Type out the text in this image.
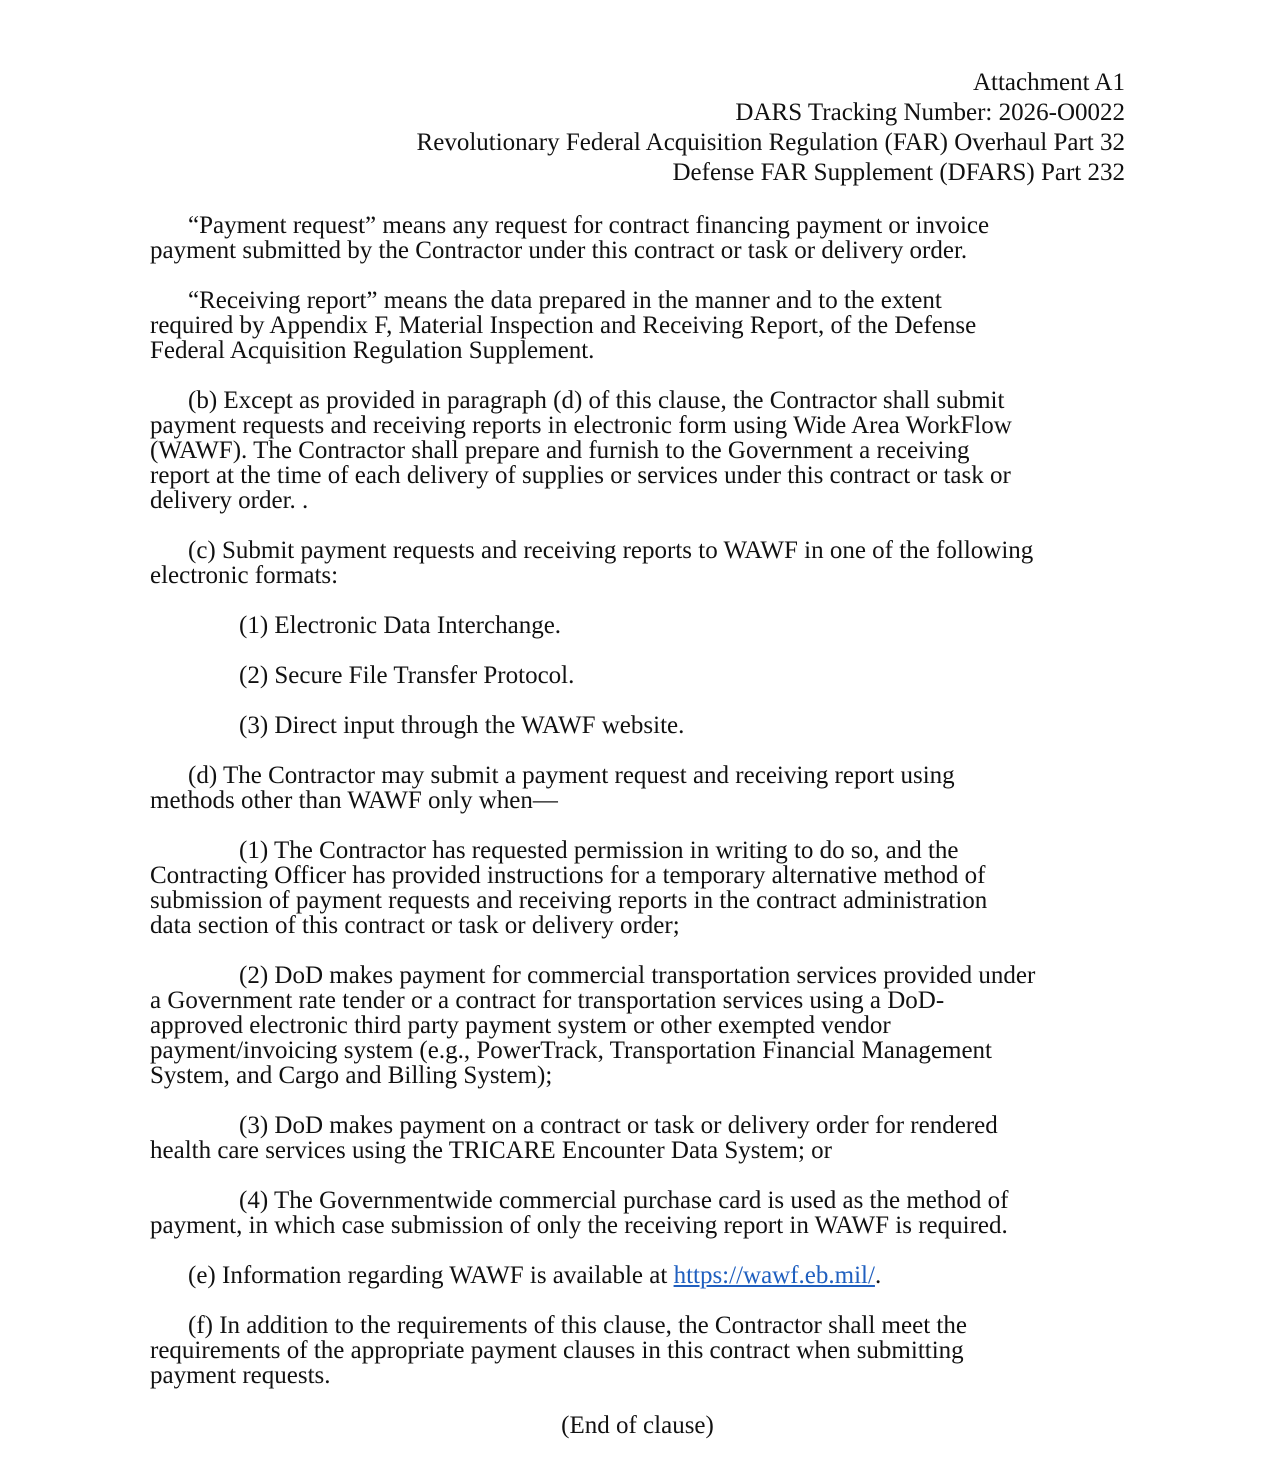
Attachment A1
DARS Tracking Number: 2026-O0022
Revolutionary Federal Acquisition Regulation (FAR) Overhaul Part 32
Defense FAR Supplement (DFARS) Part 232
“Payment request” means any request for contract financing payment or invoice
payment submitted by the Contractor under this contract or task or delivery order.
“Receiving report” means the data prepared in the manner and to the extent
required by Appendix F, Material Inspection and Receiving Report, of the Defense
Federal Acquisition Regulation Supplement.
(b) Except as provided in paragraph (d) of this clause, the Contractor shall submit
payment requests and receiving reports in electronic form using Wide Area WorkFlow
(WAWF). The Contractor shall prepare and furnish to the Government a receiving
report at the time of each delivery of supplies or services under this contract or task or
delivery order. .
(c) Submit payment requests and receiving reports to WAWF in one of the following
electronic formats:
(1) Electronic Data Interchange.
(2) Secure File Transfer Protocol.
(3) Direct input through the WAWF website.
(d) The Contractor may submit a payment request and receiving report using
methods other than WAWF only when—
(1) The Contractor has requested permission in writing to do so, and the
Contracting Officer has provided instructions for a temporary alternative method of
submission of payment requests and receiving reports in the contract administration
data section of this contract or task or delivery order;
(2) DoD makes payment for commercial transportation services provided under
a Government rate tender or a contract for transportation services using a DoD-
approved electronic third party payment system or other exempted vendor
payment/invoicing system (e.g., PowerTrack, Transportation Financial Management
System, and Cargo and Billing System);
(3) DoD makes payment on a contract or task or delivery order for rendered
health care services using the TRICARE Encounter Data System; or
(4) The Governmentwide commercial purchase card is used as the method of
payment, in which case submission of only the receiving report in WAWF is required.
(e) Information regarding WAWF is available at https://wawf.eb.mil/.
(f) In addition to the requirements of this clause, the Contractor shall meet the
requirements of the appropriate payment clauses in this contract when submitting
payment requests.
(End of clause)
